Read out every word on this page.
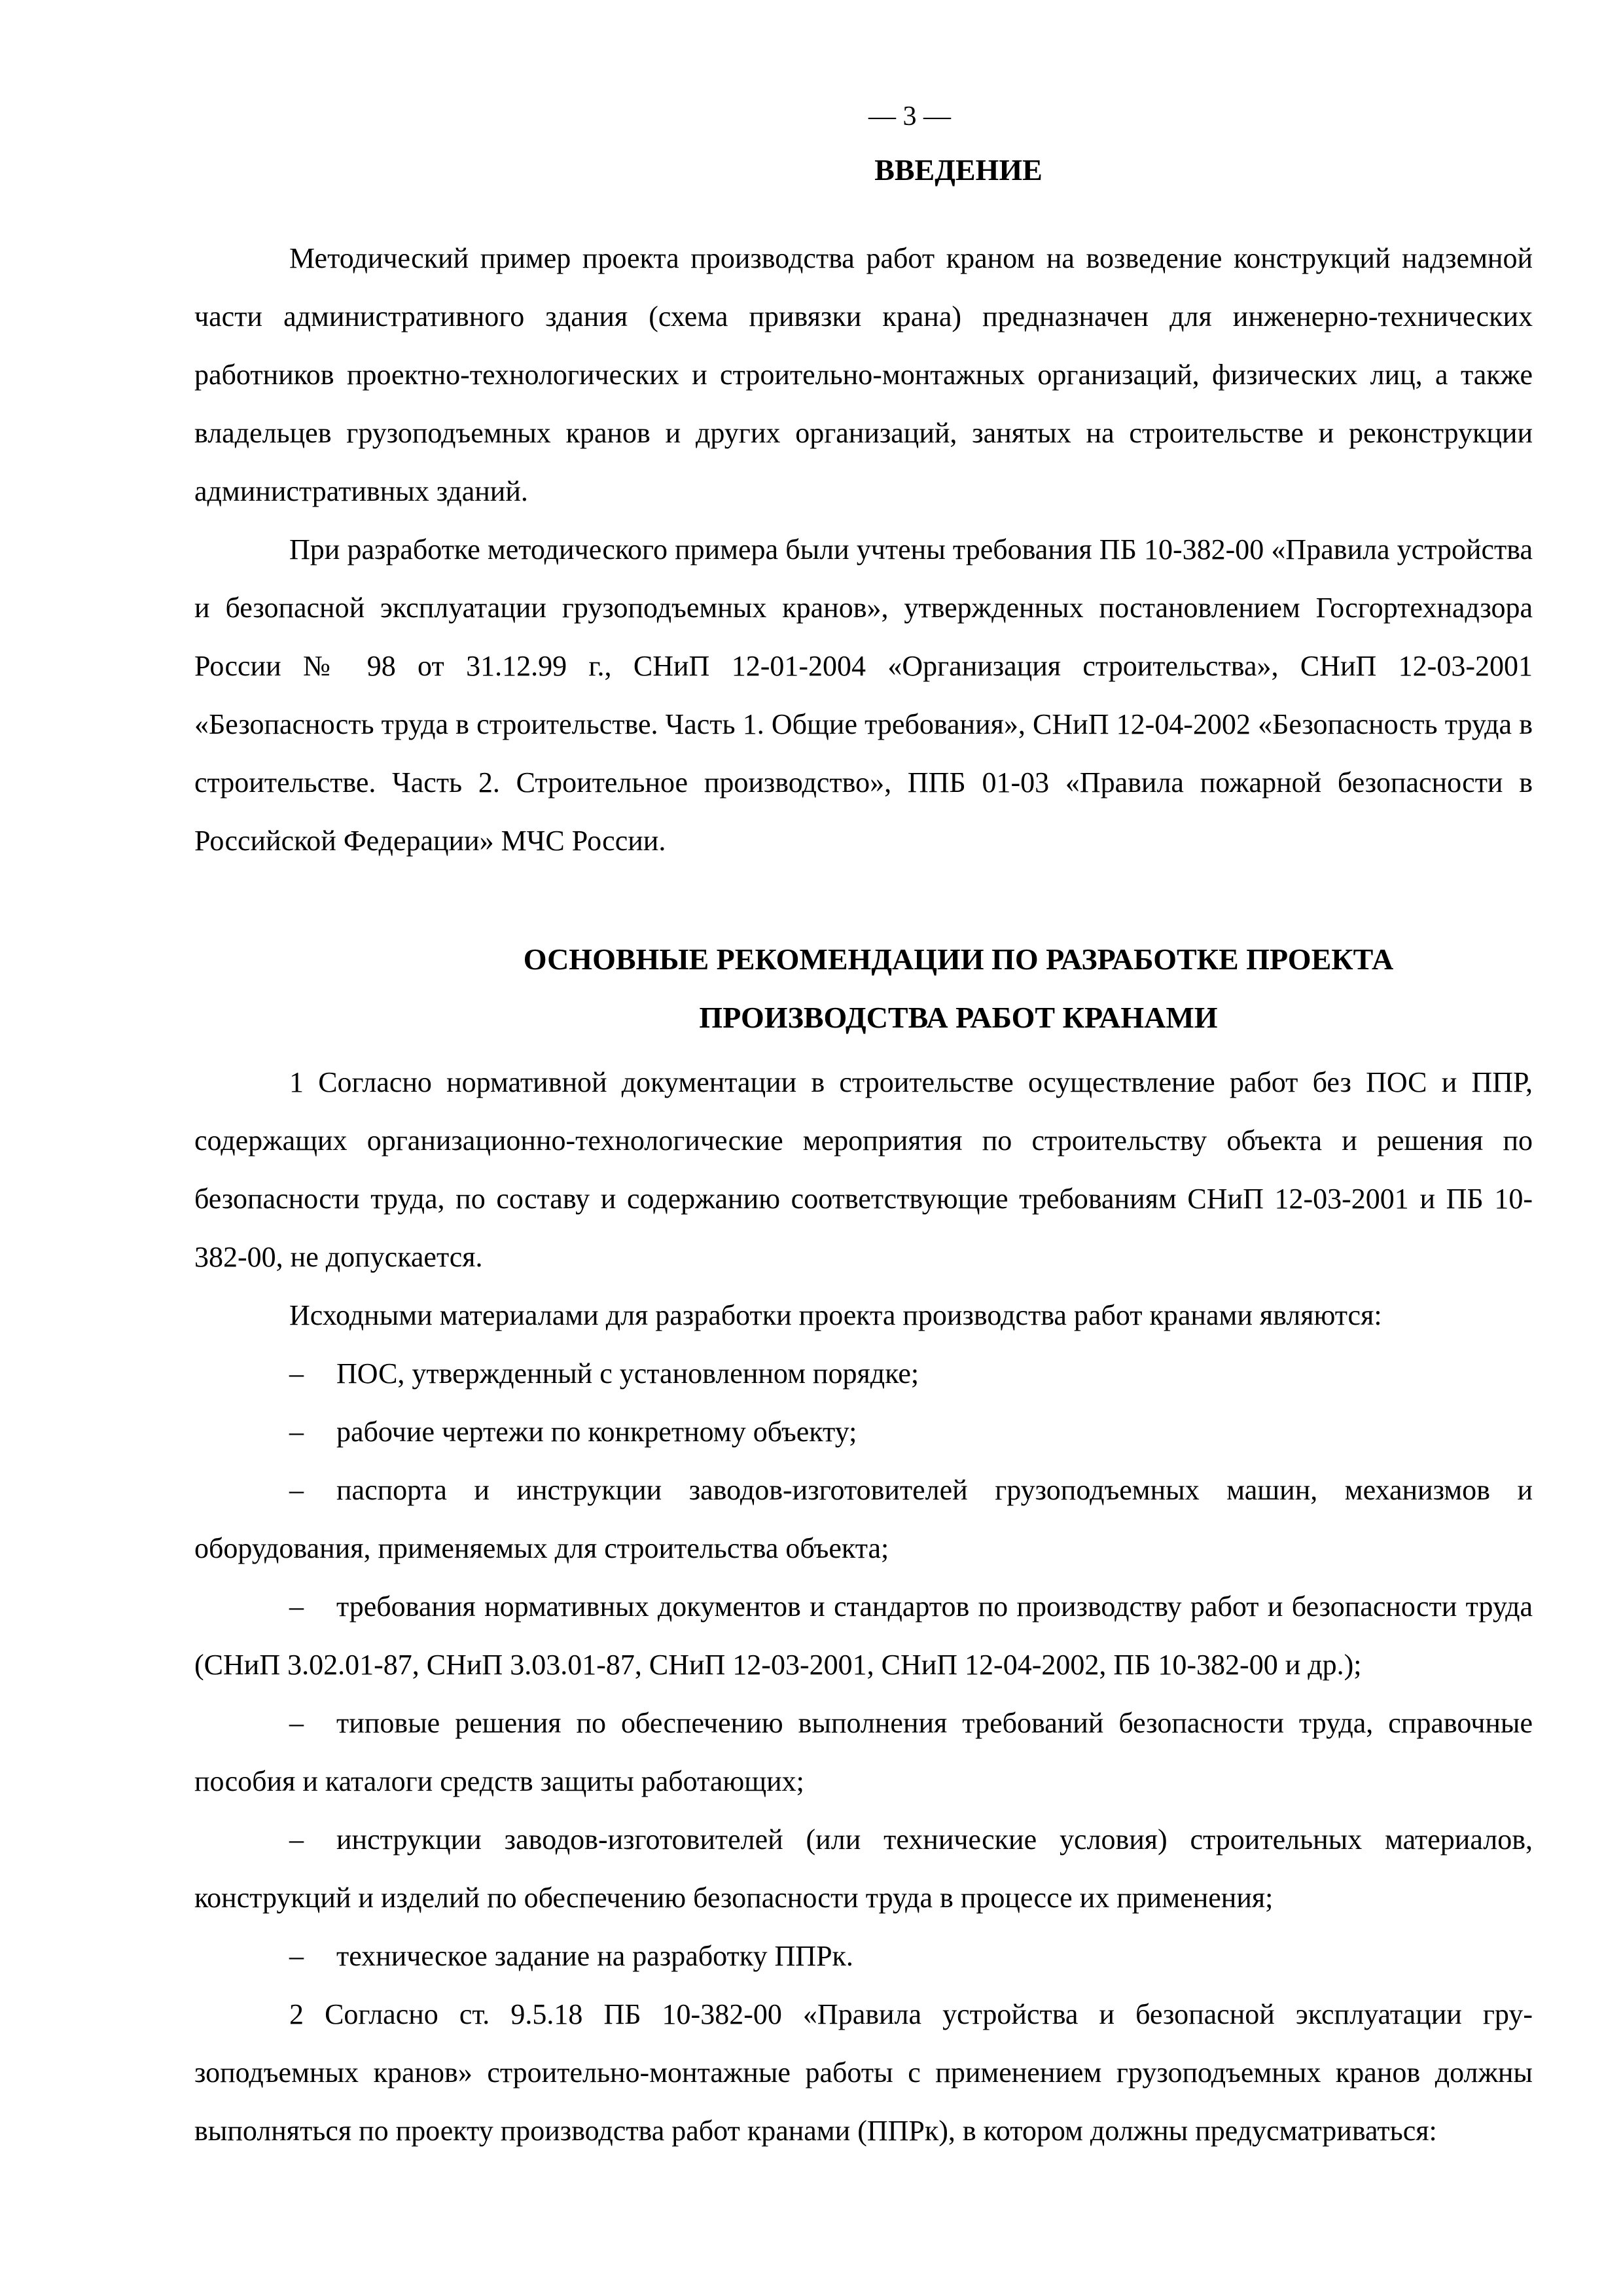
— 3 —
ВВЕДЕНИЕ

Методический пример проекта производства работ краном на возведение конструкций надземной части административного здания (схема привязки крана) предназначен для инженерно-технических работников проектно-технологических и строительно-монтажных организаций, физических лиц, а также владельцев грузоподъемных кранов и других организаций, занятых на строительстве и реконструкции административных зданий.

При разработке методического примера были учтены требования ПБ 10-382-00 «Правила устройства и безопасной эксплуатации грузоподъемных кранов», утвержденных постановлением Госгортехнадзора России № 98 от 31.12.99 г., СНиП 12-01-2004 «Организация строительства», СНиП 12-03-2001 «Безопасность труда в строительстве. Часть 1. Общие требования», СНиП 12-04-2002 «Безопасность труда в строительстве. Часть 2. Строительное производство», ППБ 01-03 «Правила пожарной безопасности в Российской Федерации» МЧС России.

ОСНОВНЫЕ РЕКОМЕНДАЦИИ ПО РАЗРАБОТКЕ ПРОЕКТА
ПРОИЗВОДСТВА РАБОТ КРАНАМИ

1 Согласно нормативной документации в строительстве осуществление работ без ПОС и ППР, содержащих организационно-технологические мероприятия по строительству объекта и решения по безопасности труда, по составу и содержанию соответствующие требованиям СНиП 12-03-2001 и ПБ 10-382-00, не допускается.

Исходными материалами для разработки проекта производства работ кранами являются:

– ПОС, утвержденный с установленном порядке;

– рабочие чертежи по конкретному объекту;

– паспорта и инструкции заводов-изготовителей грузоподъемных машин, механизмов и оборудования, применяемых для строительства объекта;

– требования нормативных документов и стандартов по производству работ и безопасности труда (СНиП 3.02.01-87, СНиП 3.03.01-87, СНиП 12-03-2001, СНиП 12-04-2002, ПБ 10-382-00 и др.);

– типовые решения по обеспечению выполнения требований безопасности труда, справочные пособия и каталоги средств защиты работающих;

– инструкции заводов-изготовителей (или технические условия) строительных материалов, конструкций и изделий по обеспечению безопасности труда в процессе их применения;

– техническое задание на разработку ППРк.

2 Согласно ст. 9.5.18 ПБ 10-382-00 «Правила устройства и безопасной эксплуатации грузоподъемных кранов» строительно-монтажные работы с применением грузоподъемных кранов должны выполняться по проекту производства работ кранами (ППРк), в котором должны предусматриваться:
